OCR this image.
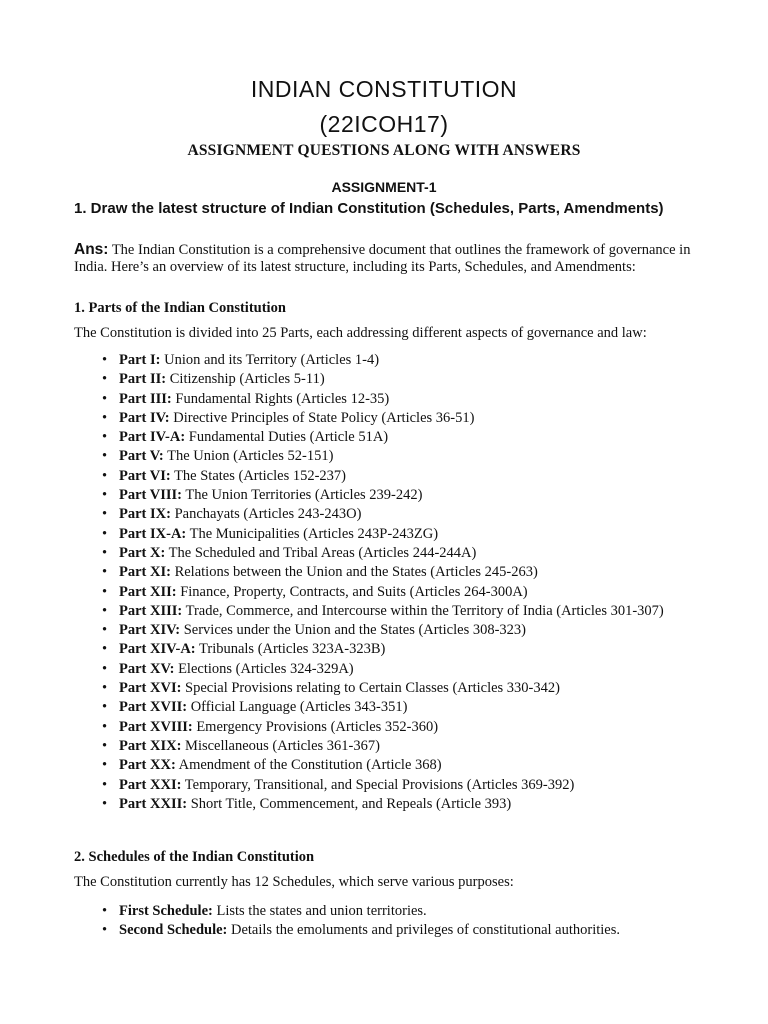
INDIAN CONSTITUTION
(22ICOH17)
ASSIGNMENT QUESTIONS ALONG WITH ANSWERS
ASSIGNMENT-1
1. Draw the latest structure of Indian Constitution (Schedules, Parts, Amendments)
Ans: The Indian Constitution is a comprehensive document that outlines the framework of governance in India. Here’s an overview of its latest structure, including its Parts, Schedules, and Amendments:
1. Parts of the Indian Constitution
The Constitution is divided into 25 Parts, each addressing different aspects of governance and law:
• Part I: Union and its Territory (Articles 1-4)
• Part II: Citizenship (Articles 5-11)
• Part III: Fundamental Rights (Articles 12-35)
• Part IV: Directive Principles of State Policy (Articles 36-51)
• Part IV-A: Fundamental Duties (Article 51A)
• Part V: The Union (Articles 52-151)
• Part VI: The States (Articles 152-237)
• Part VIII: The Union Territories (Articles 239-242)
• Part IX: Panchayats (Articles 243-243O)
• Part IX-A: The Municipalities (Articles 243P-243ZG)
• Part X: The Scheduled and Tribal Areas (Articles 244-244A)
• Part XI: Relations between the Union and the States (Articles 245-263)
• Part XII: Finance, Property, Contracts, and Suits (Articles 264-300A)
• Part XIII: Trade, Commerce, and Intercourse within the Territory of India (Articles 301-307)
• Part XIV: Services under the Union and the States (Articles 308-323)
• Part XIV-A: Tribunals (Articles 323A-323B)
• Part XV: Elections (Articles 324-329A)
• Part XVI: Special Provisions relating to Certain Classes (Articles 330-342)
• Part XVII: Official Language (Articles 343-351)
• Part XVIII: Emergency Provisions (Articles 352-360)
• Part XIX: Miscellaneous (Articles 361-367)
• Part XX: Amendment of the Constitution (Article 368)
• Part XXI: Temporary, Transitional, and Special Provisions (Articles 369-392)
• Part XXII: Short Title, Commencement, and Repeals (Article 393)
2. Schedules of the Indian Constitution
The Constitution currently has 12 Schedules, which serve various purposes:
• First Schedule: Lists the states and union territories.
• Second Schedule: Details the emoluments and privileges of constitutional authorities.
